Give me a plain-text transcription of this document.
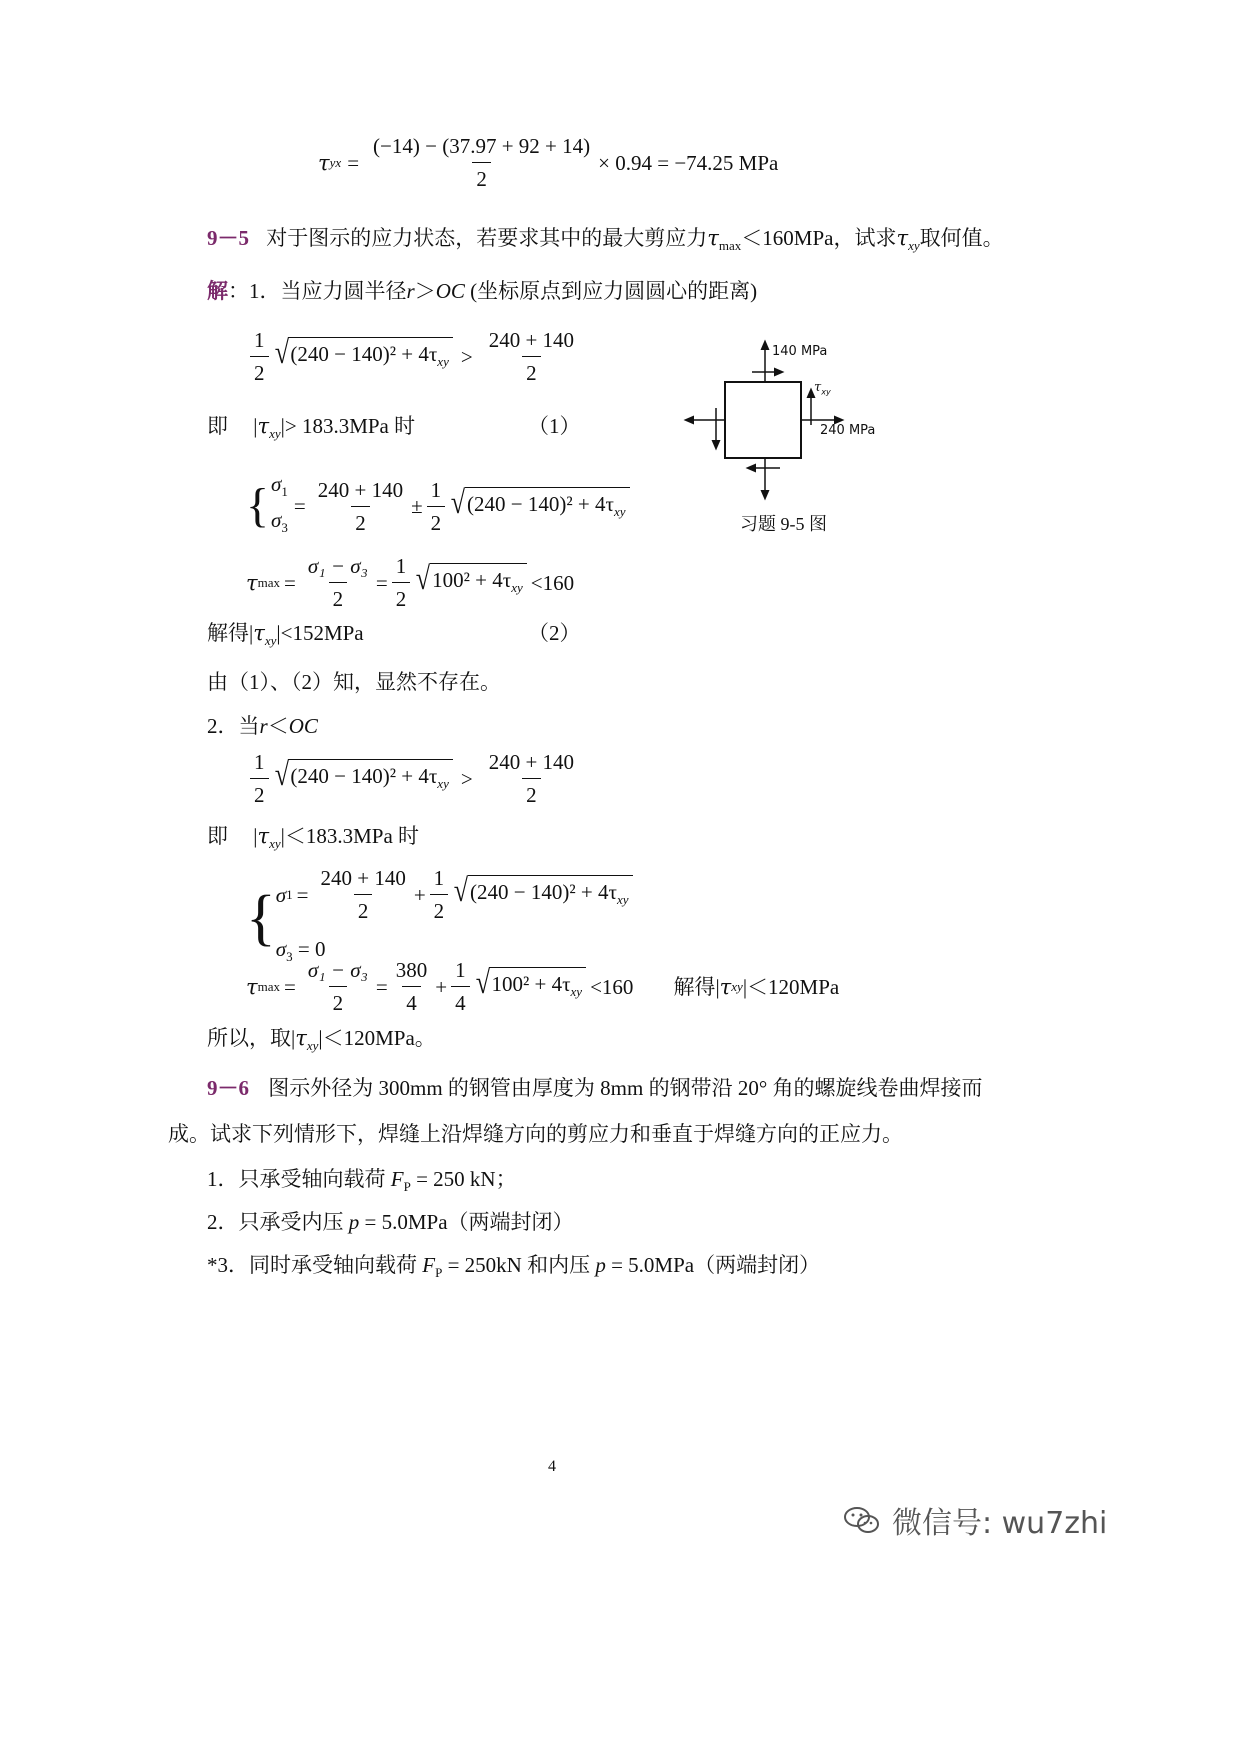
τ yx = $\frac{(-14) - (37.97 + 92 + 14)}{2} \times 0.94 = -74.25$ MPa
9－5 对于图示的应力状态，若要求其中的最大剪应力$\tau_{max}<160MPa$，试求$\tau_{xy}$取何值。
解：1．当应力圆半径r＞OC (坐标原点到应力圆圆心的距离)
$\frac{1}{2}$ √ $(240 - 140)^2 + 4\tau_{xy} > \frac{240 + 140}{2}$
即 $|\tau_{xy}|> 183.3MPa$ 时	（1）
{ $\sigma_1$
$\sigma_3$
= $\frac{240 + 140}{2} \pm \frac{1}{2}$ √ $(240 - 140)^2 + 4\tau_{xy}$
τ $\max = \frac{\text{σ₁ − σ₃}}{2} = \frac{1}{2}$ √ $100^2 + 4\tau_{xy} <160$
解得$|\tau_{xy}|<152MPa$	（2）
由（1）、（2）知，显然不存在。
2．当r＜OC
$\frac{1}{2}$ √ $(240 - 140)^2 + 4\tau_{xy} > \frac{240 + 140}{2}$
即 $|\tau_{xy}|<183.3MPa$ 时
{ σ $1 = \frac{240 + 140}{2} + \frac{1}{2}$ √ $(240 - 140)^2 + 4\tau_{xy}$
$\sigma_3 = 0$
τ $\max = \frac{\text{σ₁ − σ₃}}{2} = \frac{380}{4} + \frac{1}{4}$ √ $100^2 + 4\tau_{xy} <160$ 解得 | τ xy |＜120MPa
所以，取$|\tau_{xy}|<120MPa$。
9－6 图示外径为 300mm 的钢管由厚度为 8mm 的钢带沿 20° 角的螺旋线卷曲焊接而
成。试求下列情形下，焊缝上沿焊缝方向的剪应力和垂直于焊缝方向的正应力。
1．只承受轴向载荷 $F_P = 250$ kN；
2．只承受内压 p = 5.0MPa（两端封闭）
*3．同时承受轴向载荷 $F_P = 250kN$ 和内压 p = 5.0MPa（两端封闭）
140 MPa
$\tau_{xy}$
240 MPa
习题 9-5 图
4
微信号: wu7zhi
